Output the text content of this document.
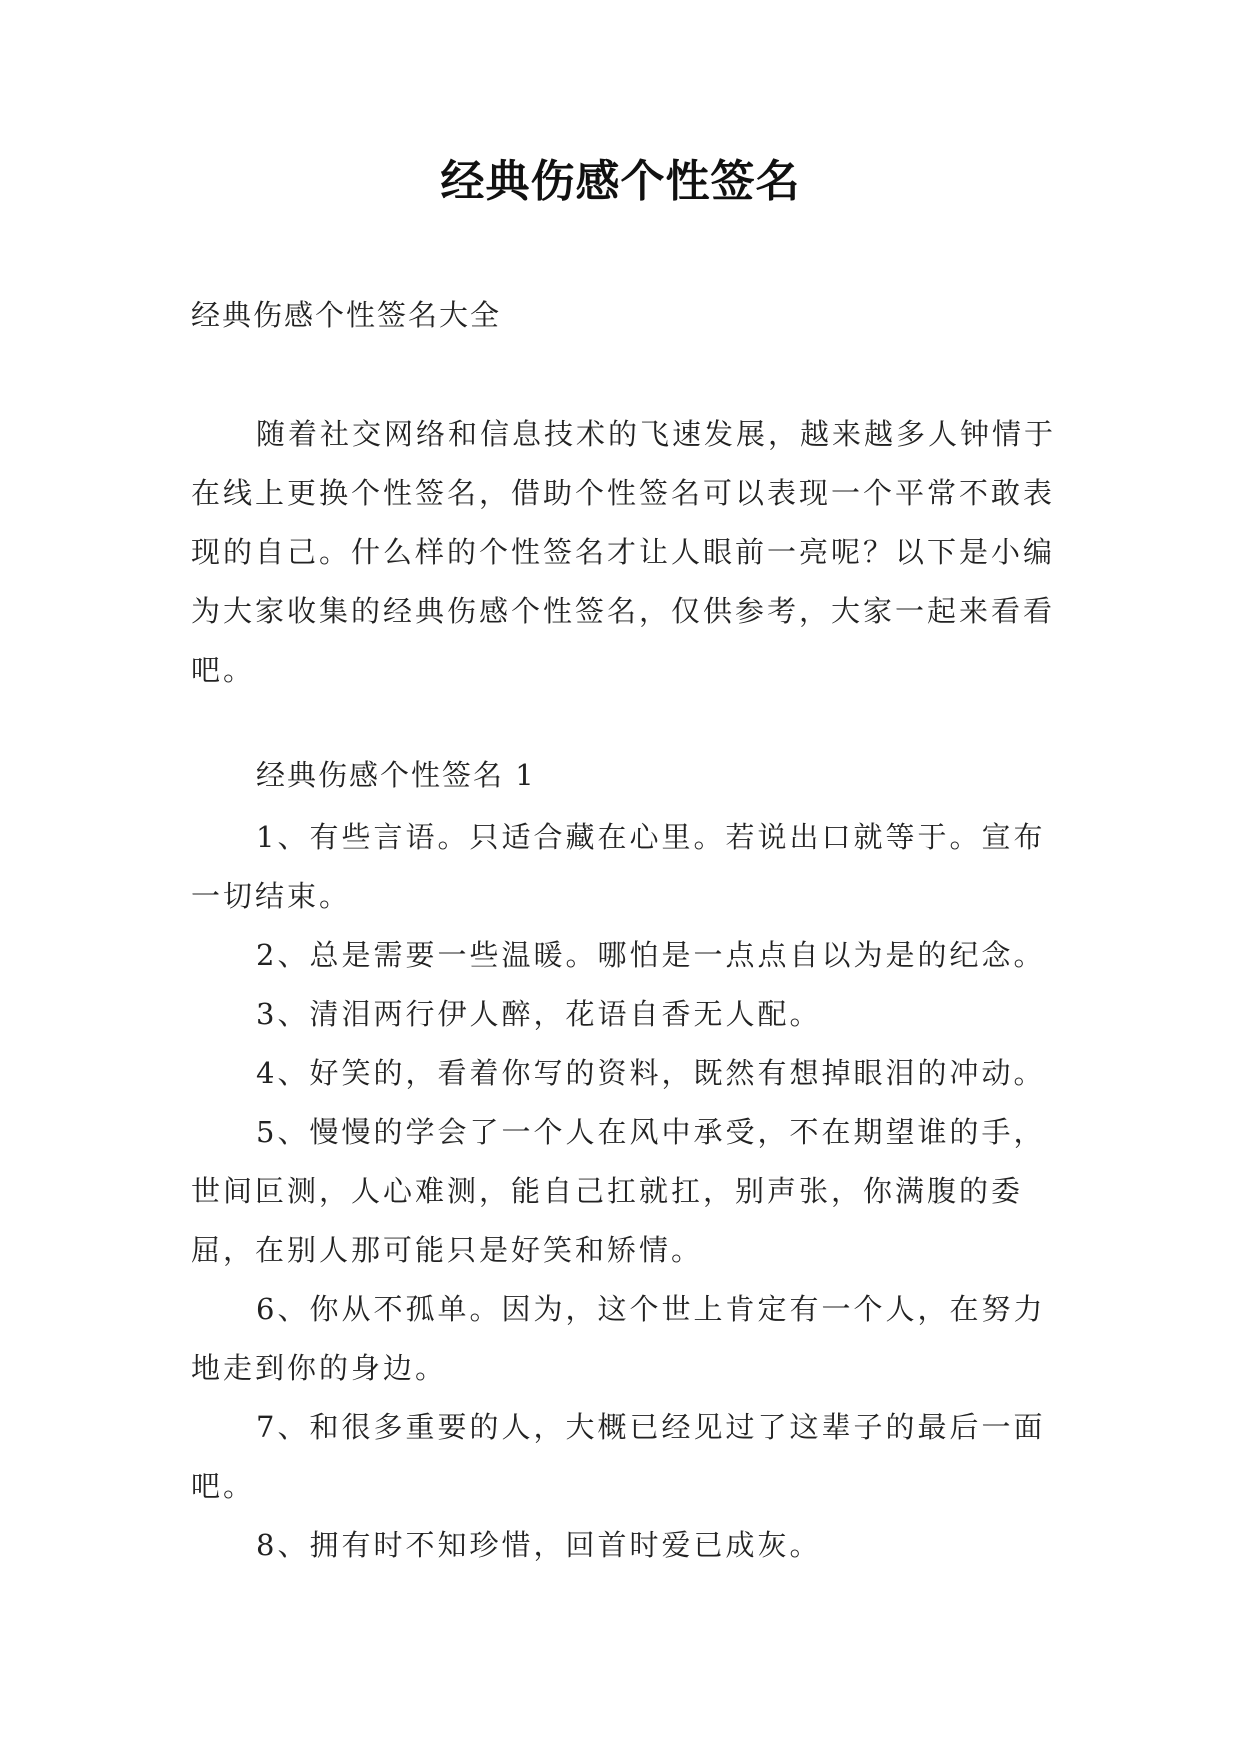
经典伤感个性签名
经典伤感个性签名大全

随着社交网络和信息技术的飞速发展，越来越多人钟情于在线上更换个性签名，借助个性签名可以表现一个平常不敢表现的自己。什么样的个性签名才让人眼前一亮呢？以下是小编为大家收集的经典伤感个性签名，仅供参考，大家一起来看看吧。

经典伤感个性签名 1
1、有些言语。只适合藏在心里。若说出口就等于。宣布一切结束。
2、总是需要一些温暖。哪怕是一点点自以为是的纪念。
3、清泪两行伊人醉，花语自香无人配。
4、好笑的，看着你写的资料，既然有想掉眼泪的冲动。
5、慢慢的学会了一个人在风中承受，不在期望谁的手，世间叵测，人心难测，能自己扛就扛，别声张，你满腹的委屈，在别人那可能只是好笑和矫情。
6、你从不孤单。因为，这个世上肯定有一个人，在努力地走到你的身边。
7、和很多重要的人，大概已经见过了这辈子的最后一面吧。
8、拥有时不知珍惜，回首时爱已成灰。
